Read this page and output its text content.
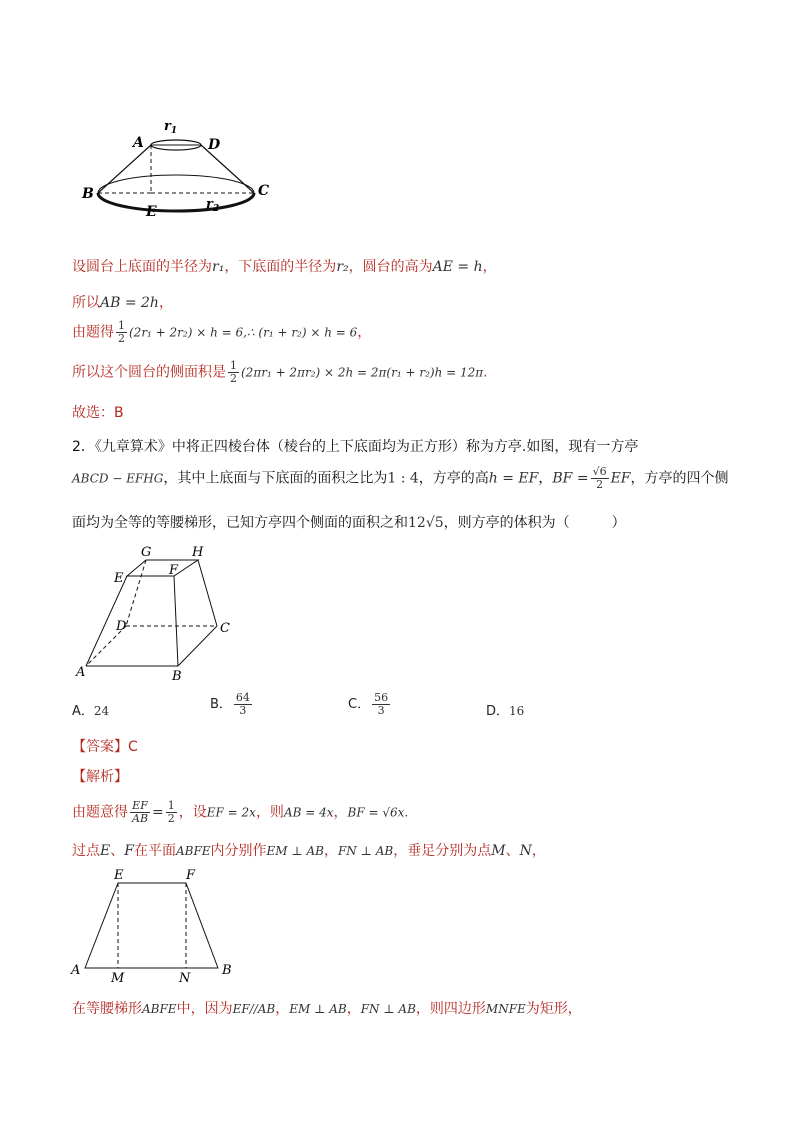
$r_1$
A	D
B	C
E	$r_2$
设圆台上底面的半径为r₁，下底面的半径为r₂，圆台的高为AE = h，
所以AB = 2h，
由题得 $\frac{1}{2} (2r_1 + 2r_2) \times h$ = 6,∴ (r₁ + r₂) × h = 6，
所以这个圆台的侧面积是 $\frac{1}{2} (2\pi r_1 + 2\pi r_2) \times 2h = 2\pi(r_1 + r_2)h = 12\pi$.
故选：B
2．《九章算术》中将正四棱台体（棱台的上下底面均为正方形）称为方亭.如图，现有一方亭
ABCD − EFHG，其中上底面与下底面的面积之比为1 : 4，方亭的高h = EF，BF = $\frac{√6}{2}$ EF，方亭的四个侧
面均为全等的等腰梯形，已知方亭四个侧面的面积之和12√5，则方亭的体积为（　　　）
G	H
E
F
D	C
A	B
A．24	B． $\frac{64}{3}$	C． $\frac{56}{3}$	D．16
【答案】C
【解析】
由题意得 $\frac{EF}{AB} = \frac{1}{2}$ ，设EF = 2x，则AB = 4x，BF = √6x.
过点E、F在平面ABFE内分别作EM ⊥ AB，FN ⊥ AB，垂足分别为点M、N，
E	F
A
M	N
B
在等腰梯形ABFE中，因为EF//AB，EM ⊥ AB，FN ⊥ AB，则四边形MNFE为矩形，
